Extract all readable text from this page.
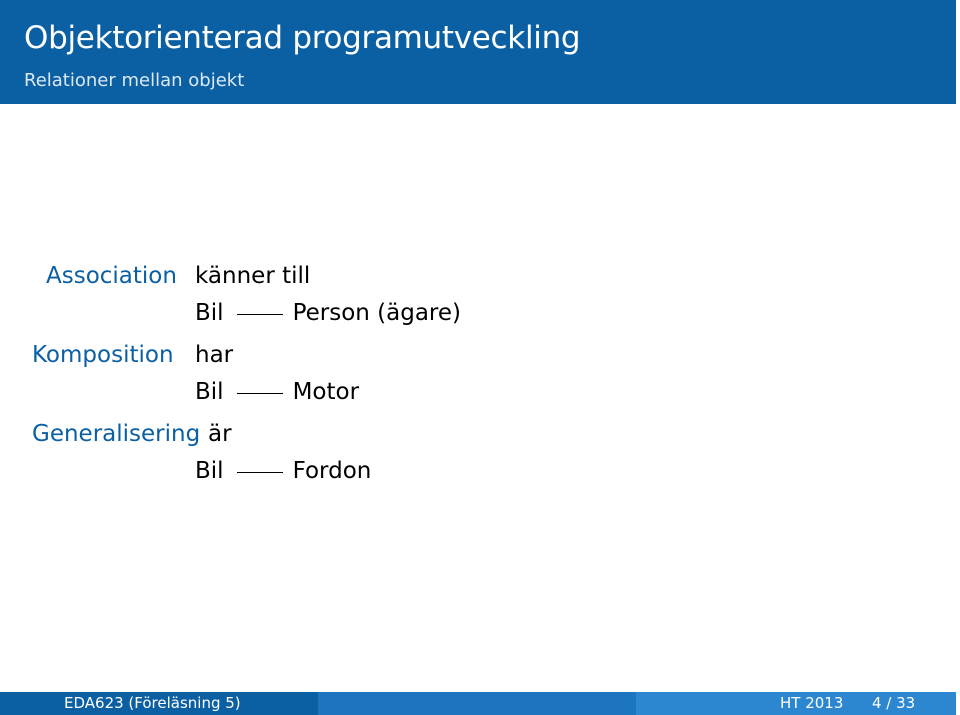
Objektorienterad programutveckling
Relationer mellan objekt
Association känner till
Bil	Person (ägare)
Komposition har
Bil	Motor
Generalisering är
Bil	Fordon
EDA623 (Föreläsning 5)	HT 2013 4 / 33
